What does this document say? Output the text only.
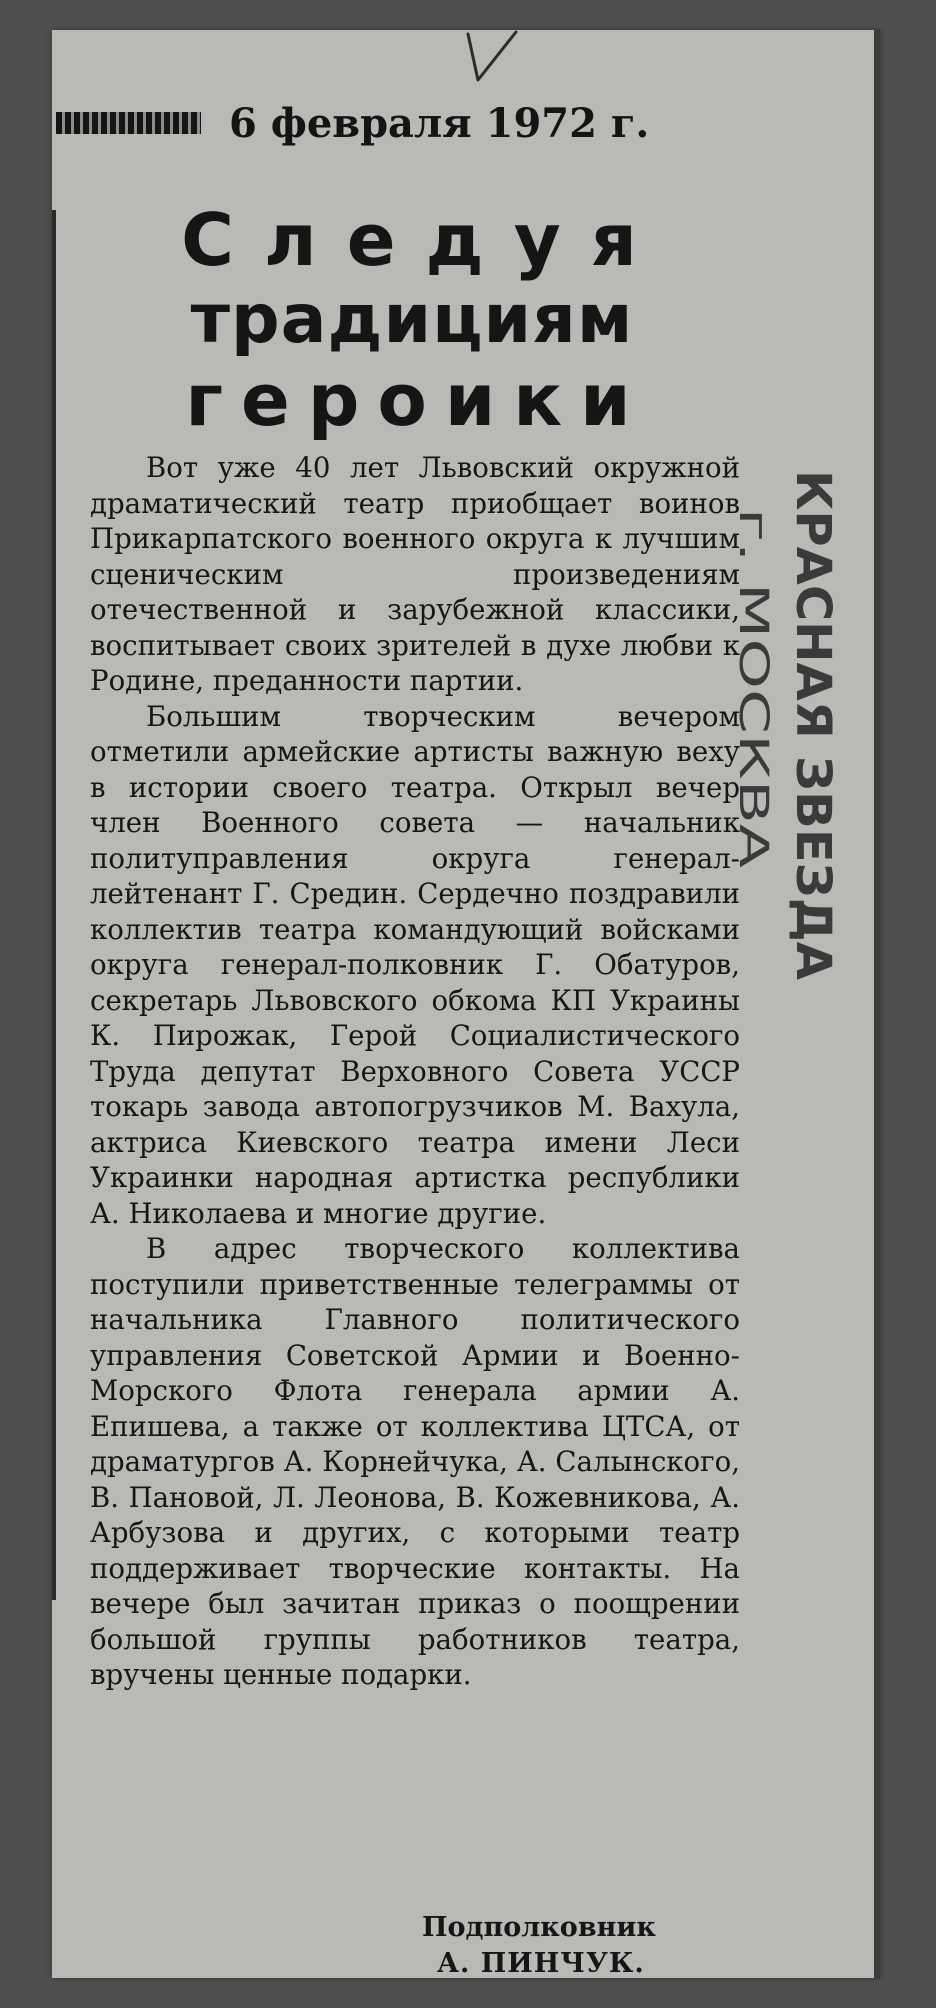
6 февраля 1972 г.
Следуя
традициям
героики

Вот уже 40 лет Львовский окружной драматический театр приобщает воинов Прикарпатского военного округа к лучшим сценическим произведениям отечественной и зарубежной классики, воспитывает своих зрителей в духе любви к Родине, преданности партии.

Большим творческим вечером отметили армейские артисты важную веху в истории своего театра. Открыл вечер член Военного совета — начальник политуправления округа генерал-лейтенант Г. Средин. Сердечно поздравили коллектив театра командующий войсками округа генерал-полковник Г. Обатуров, секретарь Львовского обкома КП Украины К. Пирожак, Герой Социалистического Труда депутат Верховного Совета УССР токарь завода автопогрузчиков М. Вахула, актриса Киевского театра имени Леси Украинки народная артистка республики А. Николаева и многие другие.

В адрес творческого коллектива поступили приветственные телеграммы от начальника Главного политического управления Советской Армии и Военно-Морского Флота генерала армии А. Епишева, а также от коллектива ЦТСА, от драматургов А. Корнейчука, А. Салынского, В. Пановой, Л. Леонова, В. Кожевникова, А. Арбузова и других, с которыми театр поддерживает творческие контакты. На вечере был зачитан приказ о поощрении большой группы работников театра, вручены ценные подарки.

Подполковник
А. ПИНЧУК.
КРАСНАЯ ЗВЕЗДА
г. МОСКВА
